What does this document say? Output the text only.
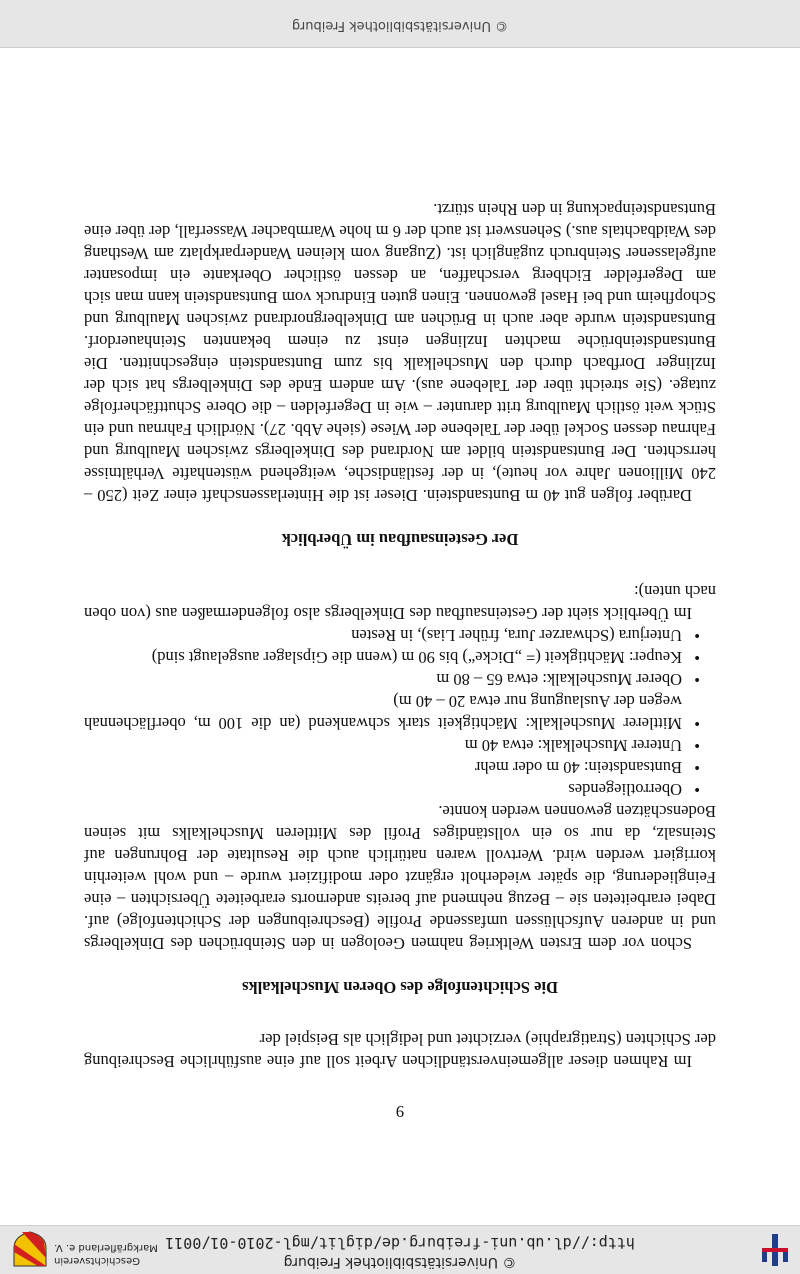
© Universitätsbibliothek Freiburg
http://dl.ub.uni-freiburg.de/diglit/mgl-2010-01/0011
Geschichtsverein
Markgräflerland e. V.
9

Im Rahmen dieser allgemeinverständlichen Arbeit soll auf eine ausführliche Beschreibung der Schichten (Stratigraphie) verzichtet und lediglich als Beispiel der

Die Schichtenfolge des Oberen Muschelkalks

Schon vor dem Ersten Weltkrieg nahmen Geologen in den Steinbrüchen des Dinkelbergs und in anderen Aufschlüssen umfassende Profile (Beschreibungen der Schichtenfolge) auf. Dabei erarbeiteten sie – Bezug nehmend auf bereits andernorts erarbeitete Übersichten – eine Feingliederung, die später wiederholt ergänzt oder modifiziert wurde – und wohl weiterhin korrigiert werden wird. Wertvoll waren natürlich auch die Resultate der Bohrungen auf Steinsalz, da nur so ein vollständiges Profil des Mittleren Muschelkalks mit seinen Bodenschätzen gewonnen werden konnte.

• Oberrotliegendes
• Buntsandstein: 40 m oder mehr
• Unterer Muschelkalk: etwa 40 m
• Mittlerer Muschelkalk: Mächtigkeit stark schwankend (an die 100 m, oberflächennah wegen der Auslaugung nur etwa 20 – 40 m)
• Oberer Muschelkalk: etwa 65 – 80 m
• Keuper: Mächtigkeit (= „Dicke“) bis 90 m (wenn die Gipslager ausgelaugt sind)
• Unterjura (Schwarzer Jura, früher Lias), in Resten

Im Überblick sieht der Gesteinsaufbau des Dinkelbergs also folgendermaßen aus (von oben nach unten):

Der Gesteinsaufbau im Überblick

Darüber folgen gut 40 m Buntsandstein. Dieser ist die Hinterlassenschaft einer Zeit (250 – 240 Millionen Jahre vor heute), in der festländische, weitgehend wüstenhafte Verhältnisse herrschten. Der Buntsandstein bildet am Nordrand des Dinkelbergs zwischen Maulburg und Fahrnau dessen Sockel über der Talebene der Wiese (siehe Abb. 27). Nördlich Fahrnau und ein Stück weit östlich Maulburg tritt darunter – wie in Degerfelden – die Obere Schuttfächerfolge zutage. (Sie streicht über der Talebene aus). Am andern Ende des Dinkelbergs hat sich der Inzlinger Dorfbach durch den Muschelkalk bis zum Buntsandstein eingeschnitten. Die Buntsandsteinbrüche machten Inzlingen einst zu einem bekannten Steinhauerdorf. Buntsandstein wurde aber auch in Brüchen am Dinkelbergnordrand zwischen Maulburg und Schopfheim und bei Hasel gewonnen. Einen guten Eindruck vom Buntsandstein kann man sich am Degerfelder Eichberg verschaffen, an dessen östlicher Oberkante ein imposanter aufgelassener Steinbruch zugänglich ist. (Zugang vom kleinen Wanderparkplatz am Westhang des Waidbachtals aus.) Sehenswert ist auch der 6 m hohe Warmbacher Wasserfall, der über eine Buntsandsteinpackung in den Rhein stürzt.

© Universitätsbibliothek Freiburg
